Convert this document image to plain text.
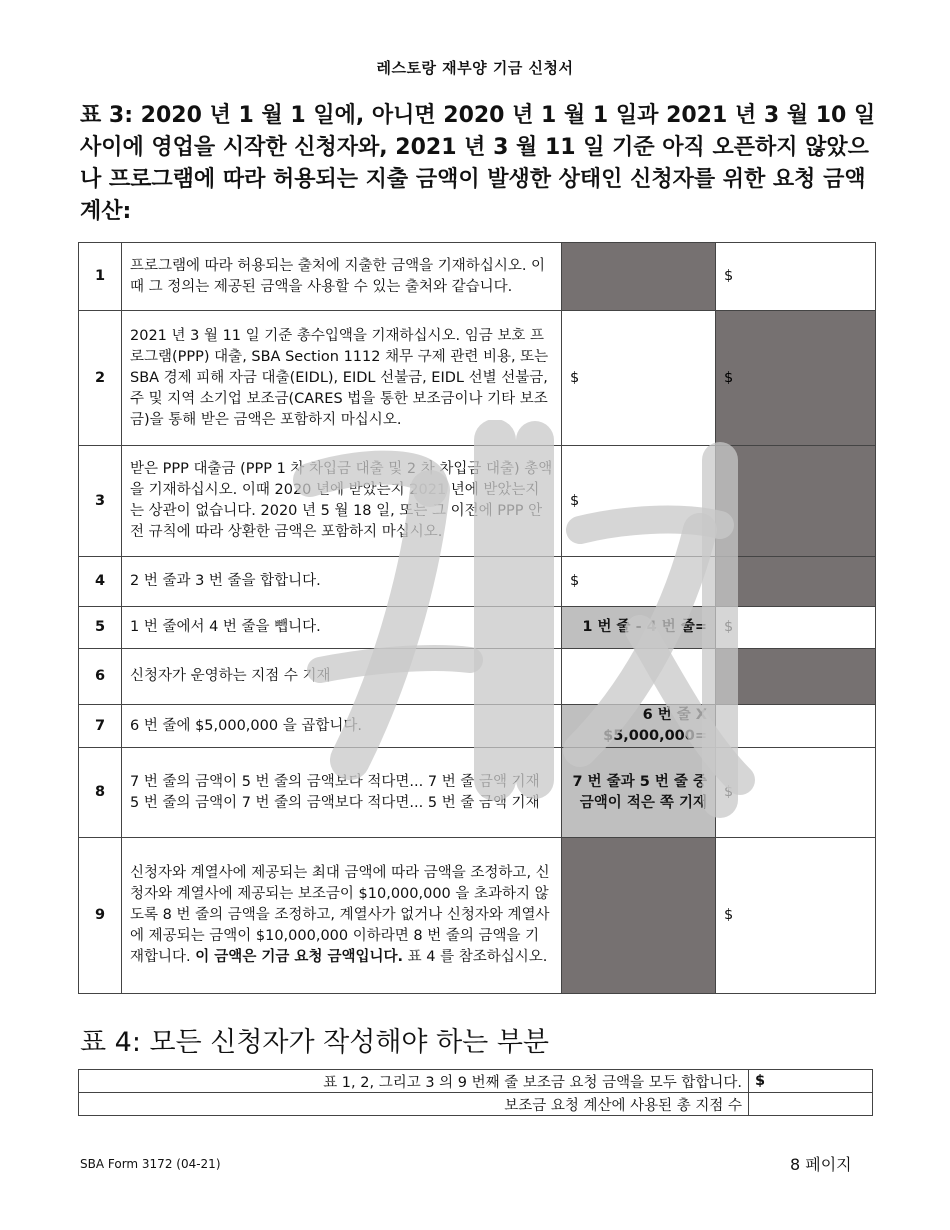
레스토랑 재부양 기금 신청서
표 3: 2020 년 1 월 1 일에, 아니면 2020 년 1 월 1 일과 2021 년 3 월 10 일 사이에 영업을 시작한 신청자와, 2021 년 3 월 11 일 기준 아직 오픈하지 않았으나 프로그램에 따라 허용되는 지출 금액이 발생한 상태인 신청자를 위한 요청 금액 계산:
1	프로그램에 따라 허용되는 출처에 지출한 금액을 기재하십시오. 이때 그 정의는 제공된 금액을 사용할 수 있는 출처와 같습니다.		$
2	2021 년 3 월 11 일 기준 총수입액을 기재하십시오. 임금 보호 프로그램(PPP) 대출, SBA Section 1112 채무 구제 관련 비용, 또는 SBA 경제 피해 자금 대출(EIDL), EIDL 선불금, EIDL 선별 선불금, 주 및 지역 소기업 보조금(CARES 법을 통한 보조금이나 기타 보조금)을 통해 받은 금액은 포함하지 마십시오.	$	$
3	받은 PPP 대출금 (PPP 1 차 차입금 대출 및 2 차 차입금 대출) 총액을 기재하십시오. 이때 2020 년에 받았는지 2021 년에 받았는지는 상관이 없습니다. 2020 년 5 월 18 일, 또는 그 이전에 PPP 안전 규칙에 따라 상환한 금액은 포함하지 마십시오.	$	
4	2 번 줄과 3 번 줄을 합합니다.	$	
5	1 번 줄에서 4 번 줄을 뺍니다.	1 번 줄 - 4 번 줄=	$
6	신청자가 운영하는 지점 수 기재		
7	6 번 줄에 $5,000,000 을 곱합니다.	6 번 줄 X $5,000,000=	
8	7 번 줄의 금액이 5 번 줄의 금액보다 적다면... 7 번 줄 금액 기재
5 번 줄의 금액이 7 번 줄의 금액보다 적다면... 5 번 줄 금액 기재	7 번 줄과 5 번 줄 중 금액이 적은 쪽 기재	$
9	신청자와 계열사에 제공되는 최대 금액에 따라 금액을 조정하고, 신청자와 계열사에 제공되는 보조금이 $10,000,000 을 초과하지 않도록 8 번 줄의 금액을 조정하고, 계열사가 없거나 신청자와 계열사에 제공되는 금액이 $10,000,000 이하라면 8 번 줄의 금액을 기재합니다. 이 금액은 기금 요청 금액입니다. 표 4 를 참조하십시오.		$
표 4: 모든 신청자가 작성해야 하는 부분
표 1, 2, 그리고 3 의 9 번째 줄 보조금 요청 금액을 모두 합합니다.	$
보조금 요청 계산에 사용된 총 지점 수	
SBA Form 3172 (04-21)	8 페이지
